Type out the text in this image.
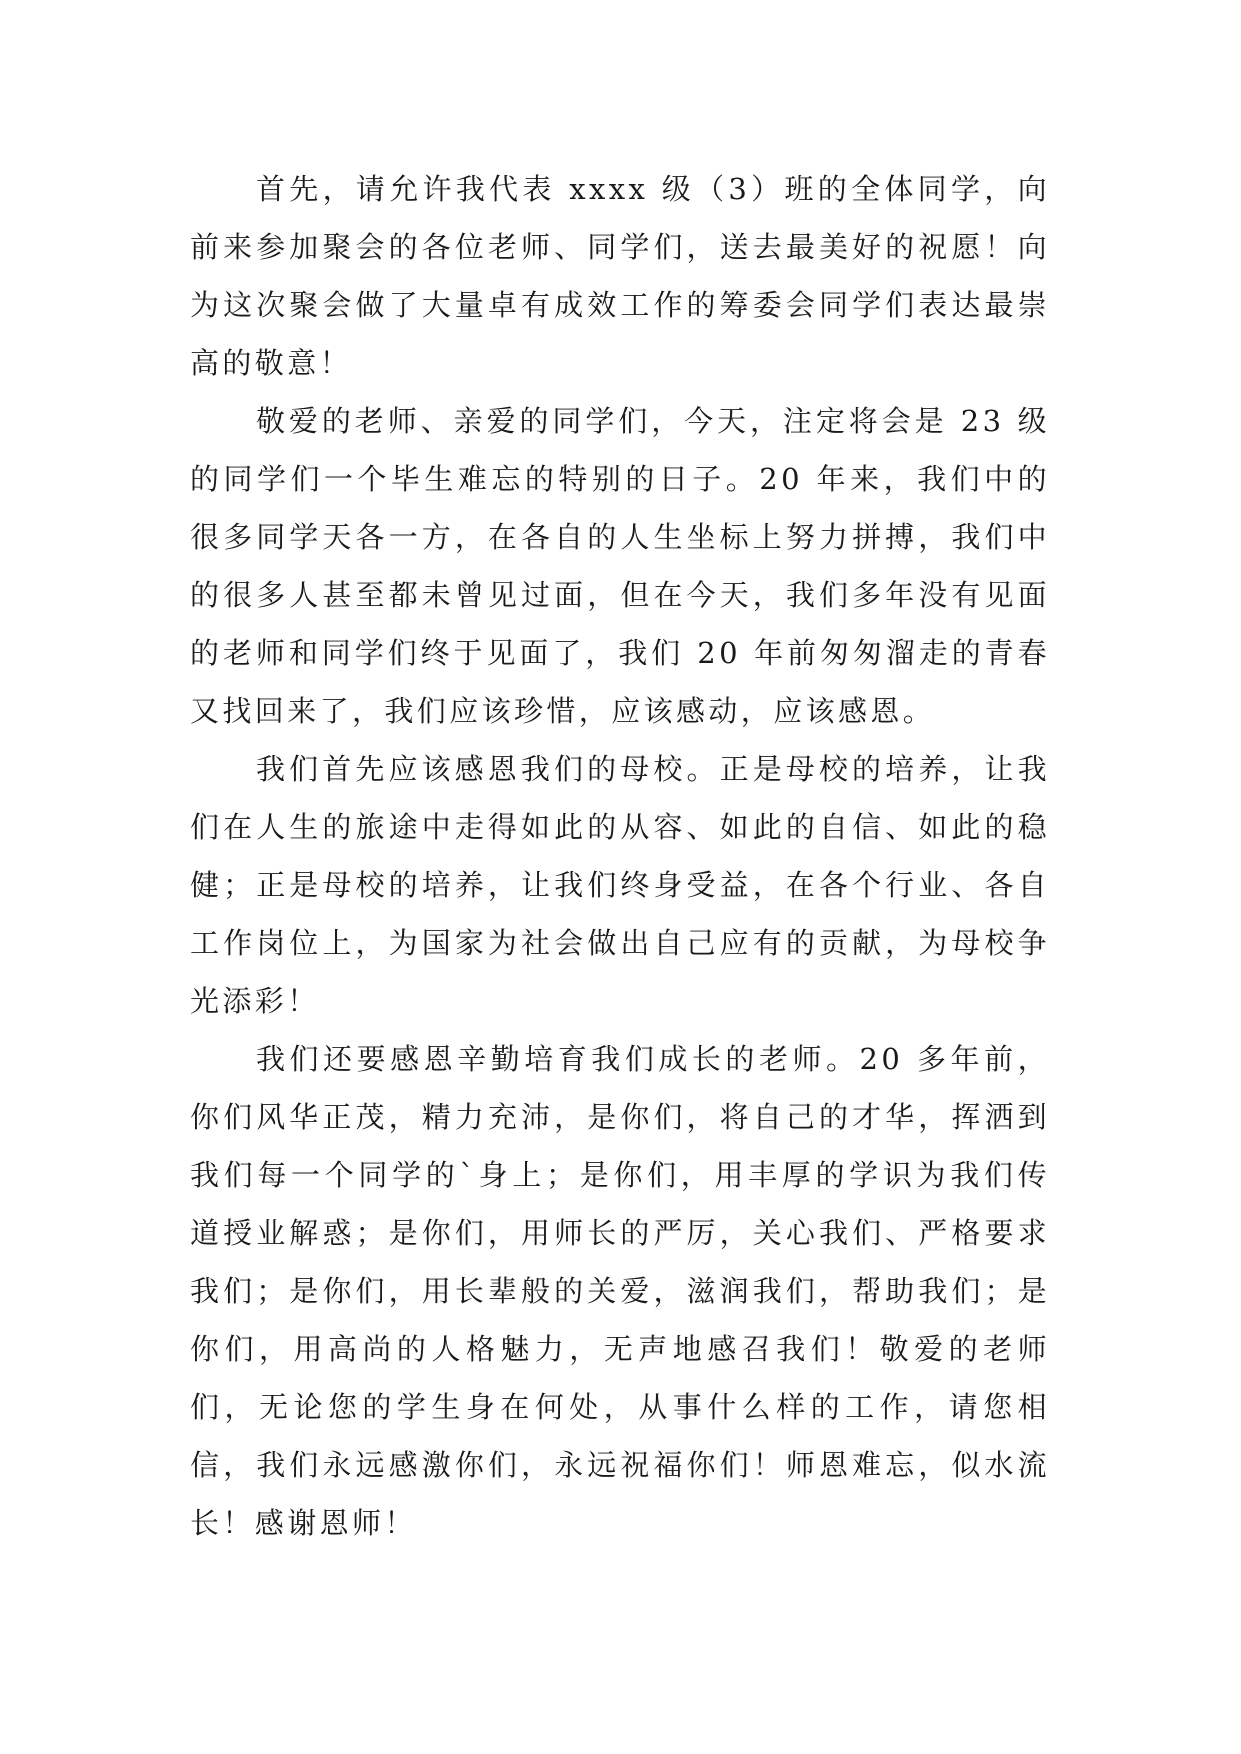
首先，请允许我代表 xxxx 级（3）班的全体同学，向前来参加聚会的各位老师、同学们，送去最美好的祝愿！向为这次聚会做了大量卓有成效工作的筹委会同学们表达最崇高的敬意！

敬爱的老师、亲爱的同学们，今天，注定将会是 23 级的同学们一个毕生难忘的特别的日子。20 年来，我们中的很多同学天各一方，在各自的人生坐标上努力拼搏，我们中的很多人甚至都未曾见过面，但在今天，我们多年没有见面的老师和同学们终于见面了，我们 20 年前匆匆溜走的青春又找回来了，我们应该珍惜，应该感动，应该感恩。

我们首先应该感恩我们的母校。正是母校的培养，让我们在人生的旅途中走得如此的从容、如此的自信、如此的稳健；正是母校的培养，让我们终身受益，在各个行业、各自工作岗位上，为国家为社会做出自己应有的贡献，为母校争光添彩！

我们还要感恩辛勤培育我们成长的老师。20 多年前，你们风华正茂，精力充沛，是你们，将自己的才华，挥洒到我们每一个同学的`身上；是你们，用丰厚的学识为我们传道授业解惑；是你们，用师长的严厉，关心我们、严格要求我们；是你们，用长辈般的关爱，滋润我们，帮助我们；是你们，用高尚的人格魅力，无声地感召我们！敬爱的老师们，无论您的学生身在何处，从事什么样的工作，请您相信，我们永远感激你们，永远祝福你们！师恩难忘，似水流长！感谢恩师！
